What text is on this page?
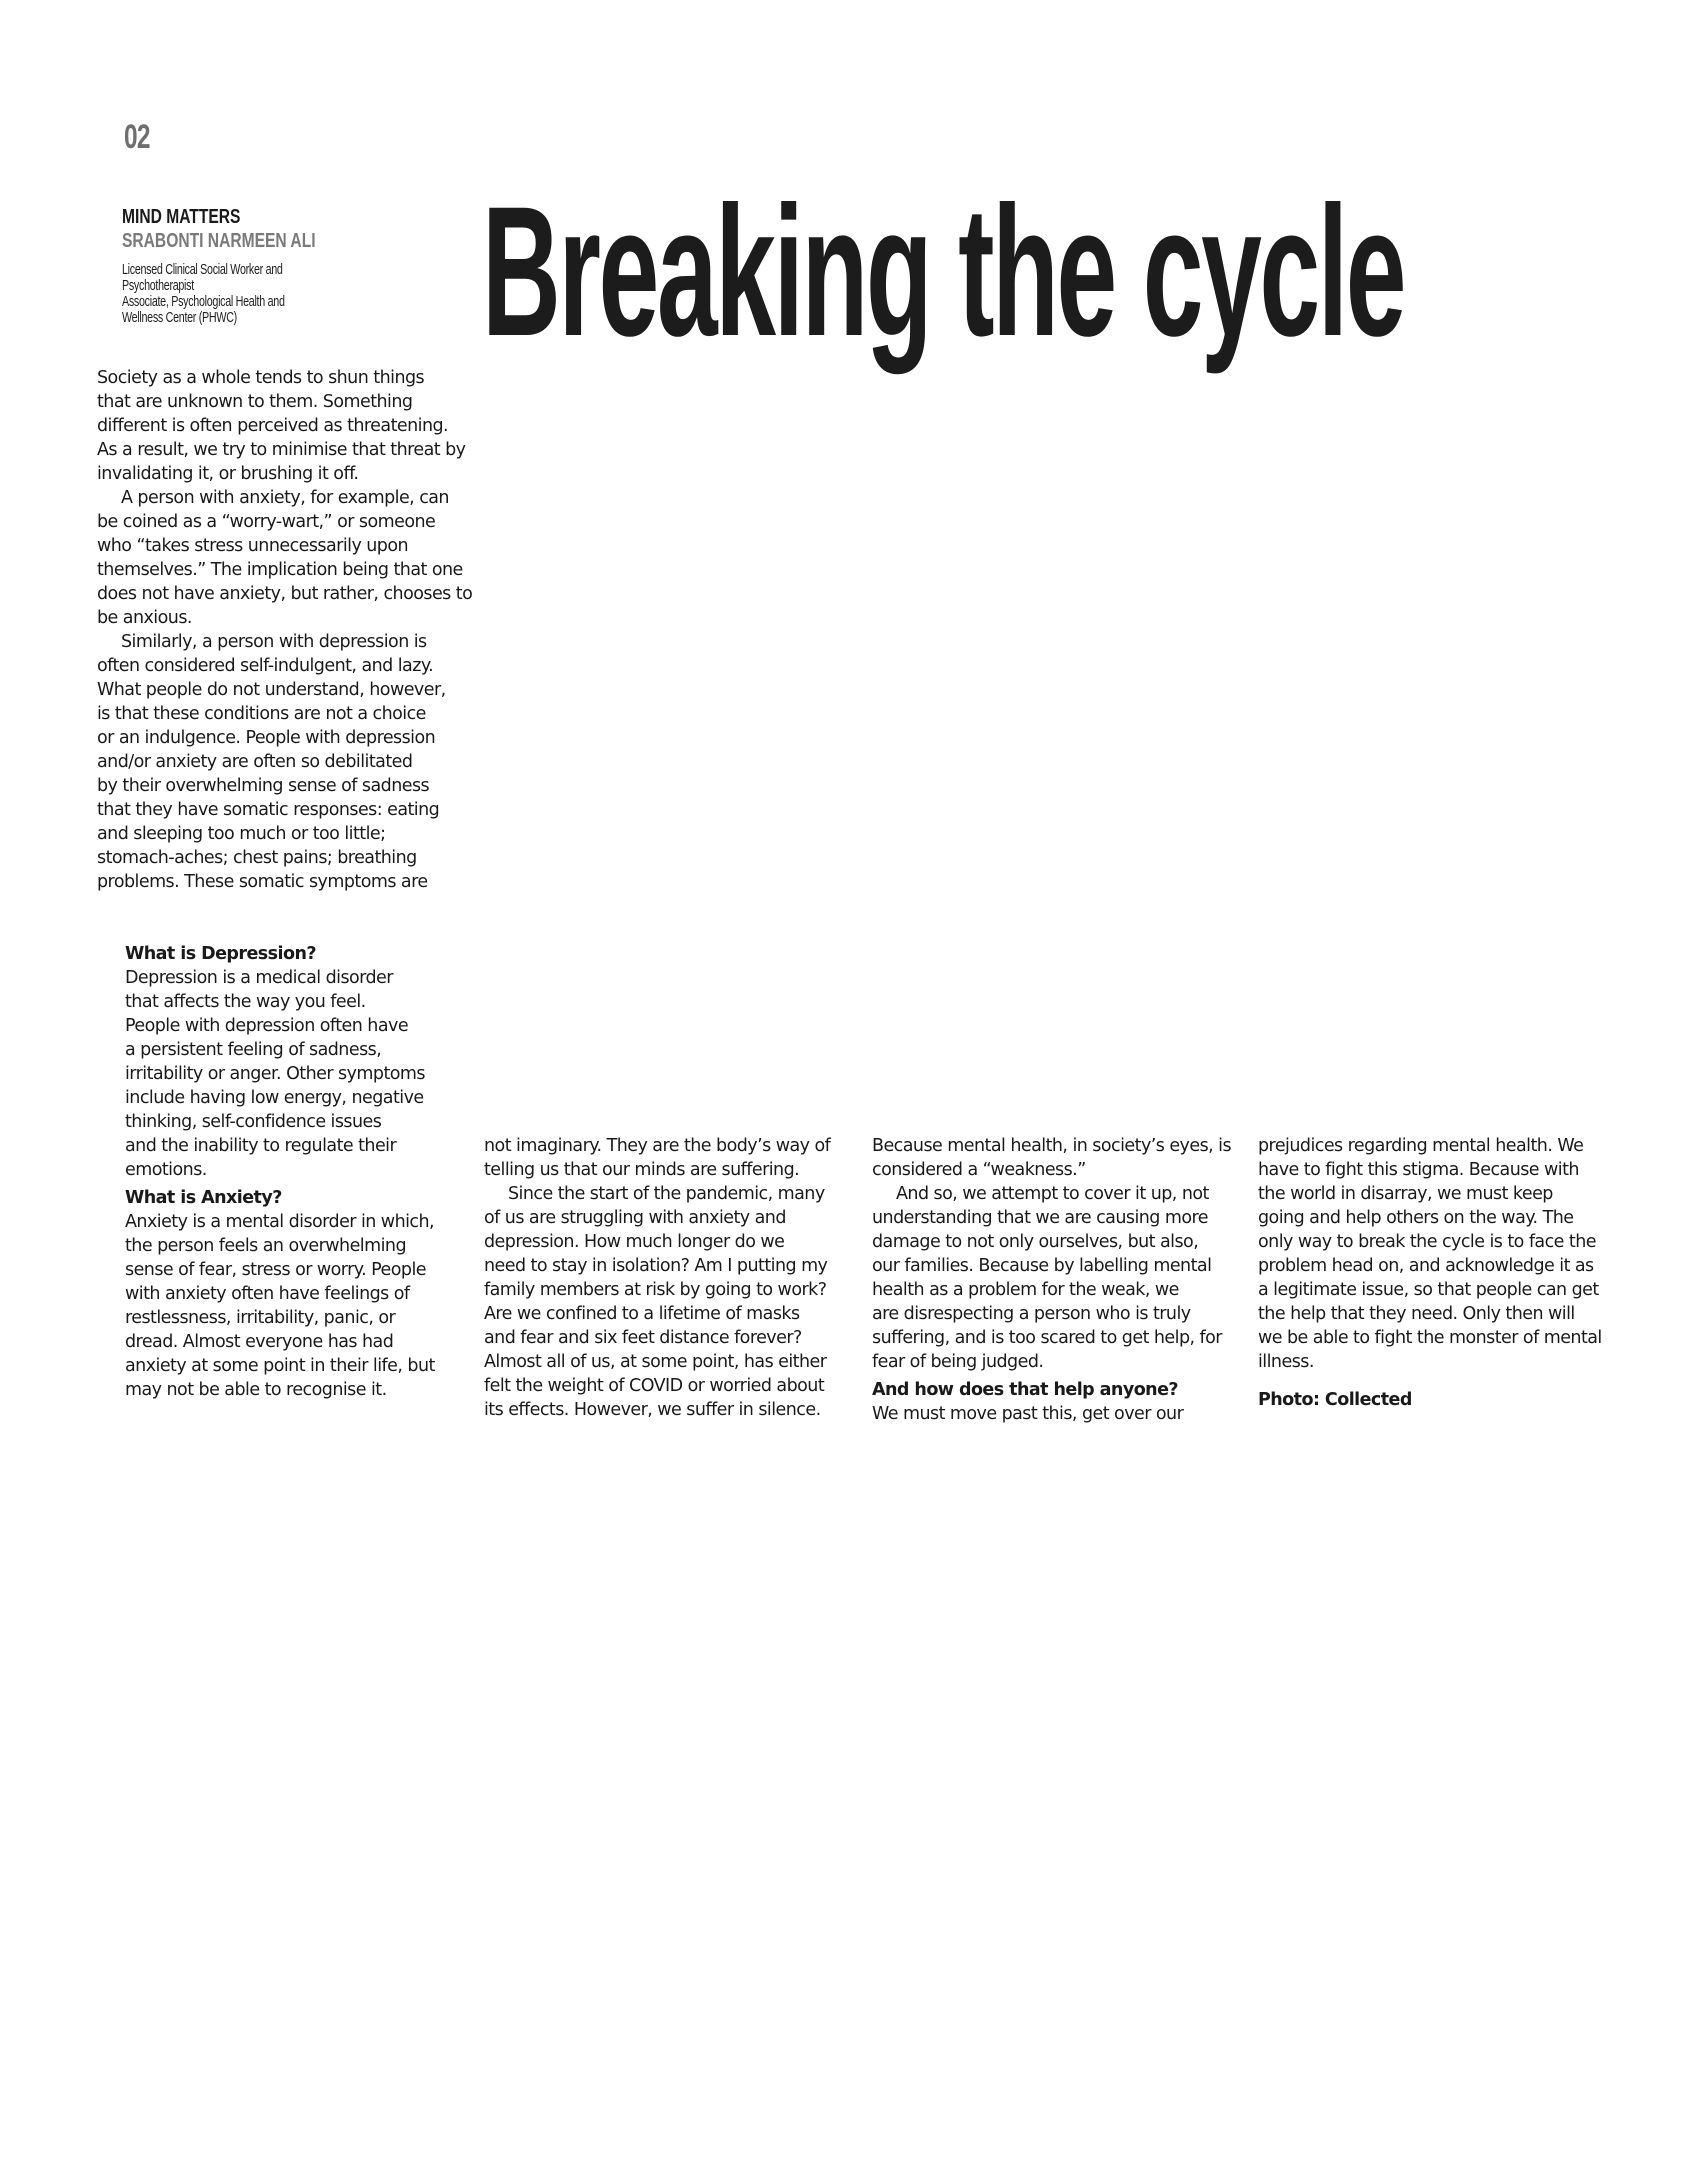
02
MIND MATTERS
SRABONTI NARMEEN ALI
Licensed Clinical Social Worker and
Psychotherapist
Associate, Psychological Health and
Wellness Center (PHWC)	Breaking the cycle
Society as a whole tends to shun things
that are unknown to them. Something
different is often perceived as threatening.
As a result, we try to minimise that threat by
invalidating it, or brushing it off.
A person with anxiety, for example, can
be coined as a “worry-wart,” or someone
who “takes stress unnecessarily upon
themselves.” The implication being that one
does not have anxiety, but rather, chooses to
be anxious.
Similarly, a person with depression is
often considered self-indulgent, and lazy.
What people do not understand, however,
is that these conditions are not a choice
or an indulgence. People with depression
and/or anxiety are often so debilitated
by their overwhelming sense of sadness
that they have somatic responses: eating
and sleeping too much or too little;
stomach-aches; chest pains; breathing
problems. These somatic symptoms are
What is Depression?
Depression is a medical disorder
that affects the way you feel.
People with depression often have
a persistent feeling of sadness,
irritability or anger. Other symptoms
include having low energy, negative
thinking, self-confidence issues
and the inability to regulate their
emotions.
What is Anxiety?
Anxiety is a mental disorder in which,
the person feels an overwhelming
sense of fear, stress or worry. People
with anxiety often have feelings of
restlessness, irritability, panic, or
dread. Almost everyone has had
anxiety at some point in their life, but
may not be able to recognise it.
not imaginary. They are the body’s way of
telling us that our minds are suffering.
Since the start of the pandemic, many
of us are struggling with anxiety and
depression. How much longer do we
need to stay in isolation? Am I putting my
family members at risk by going to work?
Are we confined to a lifetime of masks
and fear and six feet distance forever?
Almost all of us, at some point, has either
felt the weight of COVID or worried about
its effects. However, we suffer in silence.
Because mental health, in society’s eyes, is
considered a “weakness.”
And so, we attempt to cover it up, not
understanding that we are causing more
damage to not only ourselves, but also,
our families. Because by labelling mental
health as a problem for the weak, we
are disrespecting a person who is truly
suffering, and is too scared to get help, for
fear of being judged.
And how does that help anyone?
We must move past this, get over our
prejudices regarding mental health. We
have to fight this stigma. Because with
the world in disarray, we must keep
going and help others on the way. The
only way to break the cycle is to face the
problem head on, and acknowledge it as
a legitimate issue, so that people can get
the help that they need. Only then will
we be able to fight the monster of mental
illness.
Photo: Collected
